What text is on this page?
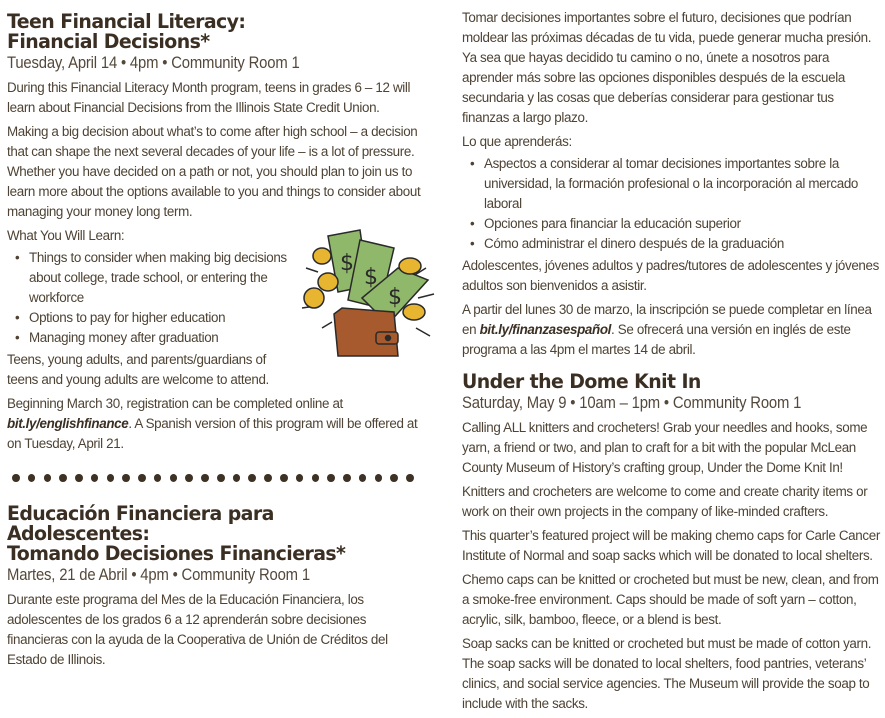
Teen Financial Literacy:
Financial Decisions*
Tuesday, April 14 • 4pm • Community Room 1

During this Financial Literacy Month program, teens in grades 6 – 12 will learn about Financial Decisions from the Illinois State Credit Union.

Making a big decision about what’s to come after high school – a decision that can shape the next several decades of your life – is a lot of pressure. Whether you have decided on a path or not, you should plan to join us to learn more about the options available to you and things to consider about managing your money long term.

What You Will Learn:
• Things to consider when making big decisions about college, trade school, or entering the workforce
• Options to pay for higher education
• Managing money after graduation

Teens, young adults, and parents/guardians of teens and young adults are welcome to attend.

Beginning March 30, registration can be completed online at bit.ly/englishfinance. A Spanish version of this program will be offered at on Tuesday, April 21.

Educación Financiera para Adolescentes:
Tomando Decisiones Financieras*
Martes, 21 de Abril • 4pm • Community Room 1

Durante este programa del Mes de la Educación Financiera, los adolescentes de los grados 6 a 12 aprenderán sobre decisiones financieras con la ayuda de la Cooperativa de Unión de Créditos del Estado de Illinois.

$
$
$

Tomar decisiones importantes sobre el futuro, decisiones que podrían moldear las próximas décadas de tu vida, puede generar mucha presión. Ya sea que hayas decidido tu camino o no, únete a nosotros para aprender más sobre las opciones disponibles después de la escuela secundaria y las cosas que deberías considerar para gestionar tus finanzas a largo plazo.

Lo que aprenderás:
• Aspectos a considerar al tomar decisiones importantes sobre la universidad, la formación profesional o la incorporación al mercado laboral
• Opciones para financiar la educación superior
• Cómo administrar el dinero después de la graduación

Adolescentes, jóvenes adultos y padres/tutores de adolescentes y jóvenes adultos son bienvenidos a asistir.

A partir del lunes 30 de marzo, la inscripción se puede completar en línea en bit.ly/finanzasespañol. Se ofrecerá una versión en inglés de este programa a las 4pm el martes 14 de abril.

Under the Dome Knit In
Saturday, May 9 • 10am – 1pm • Community Room 1

Calling ALL knitters and crocheters! Grab your needles and hooks, some yarn, a friend or two, and plan to craft for a bit with the popular McLean County Museum of History’s crafting group, Under the Dome Knit In!

Knitters and crocheters are welcome to come and create charity items or work on their own projects in the company of like-minded crafters.

This quarter’s featured project will be making chemo caps for Carle Cancer Institute of Normal and soap sacks which will be donated to local shelters.

Chemo caps can be knitted or crocheted but must be new, clean, and from a smoke-free environment. Caps should be made of soft yarn – cotton, acrylic, silk, bamboo, fleece, or a blend is best.

Soap sacks can be knitted or crocheted but must be made of cotton yarn. The soap sacks will be donated to local shelters, food pantries, veterans’ clinics, and social service agencies. The Museum will provide the soap to include with the sacks.
